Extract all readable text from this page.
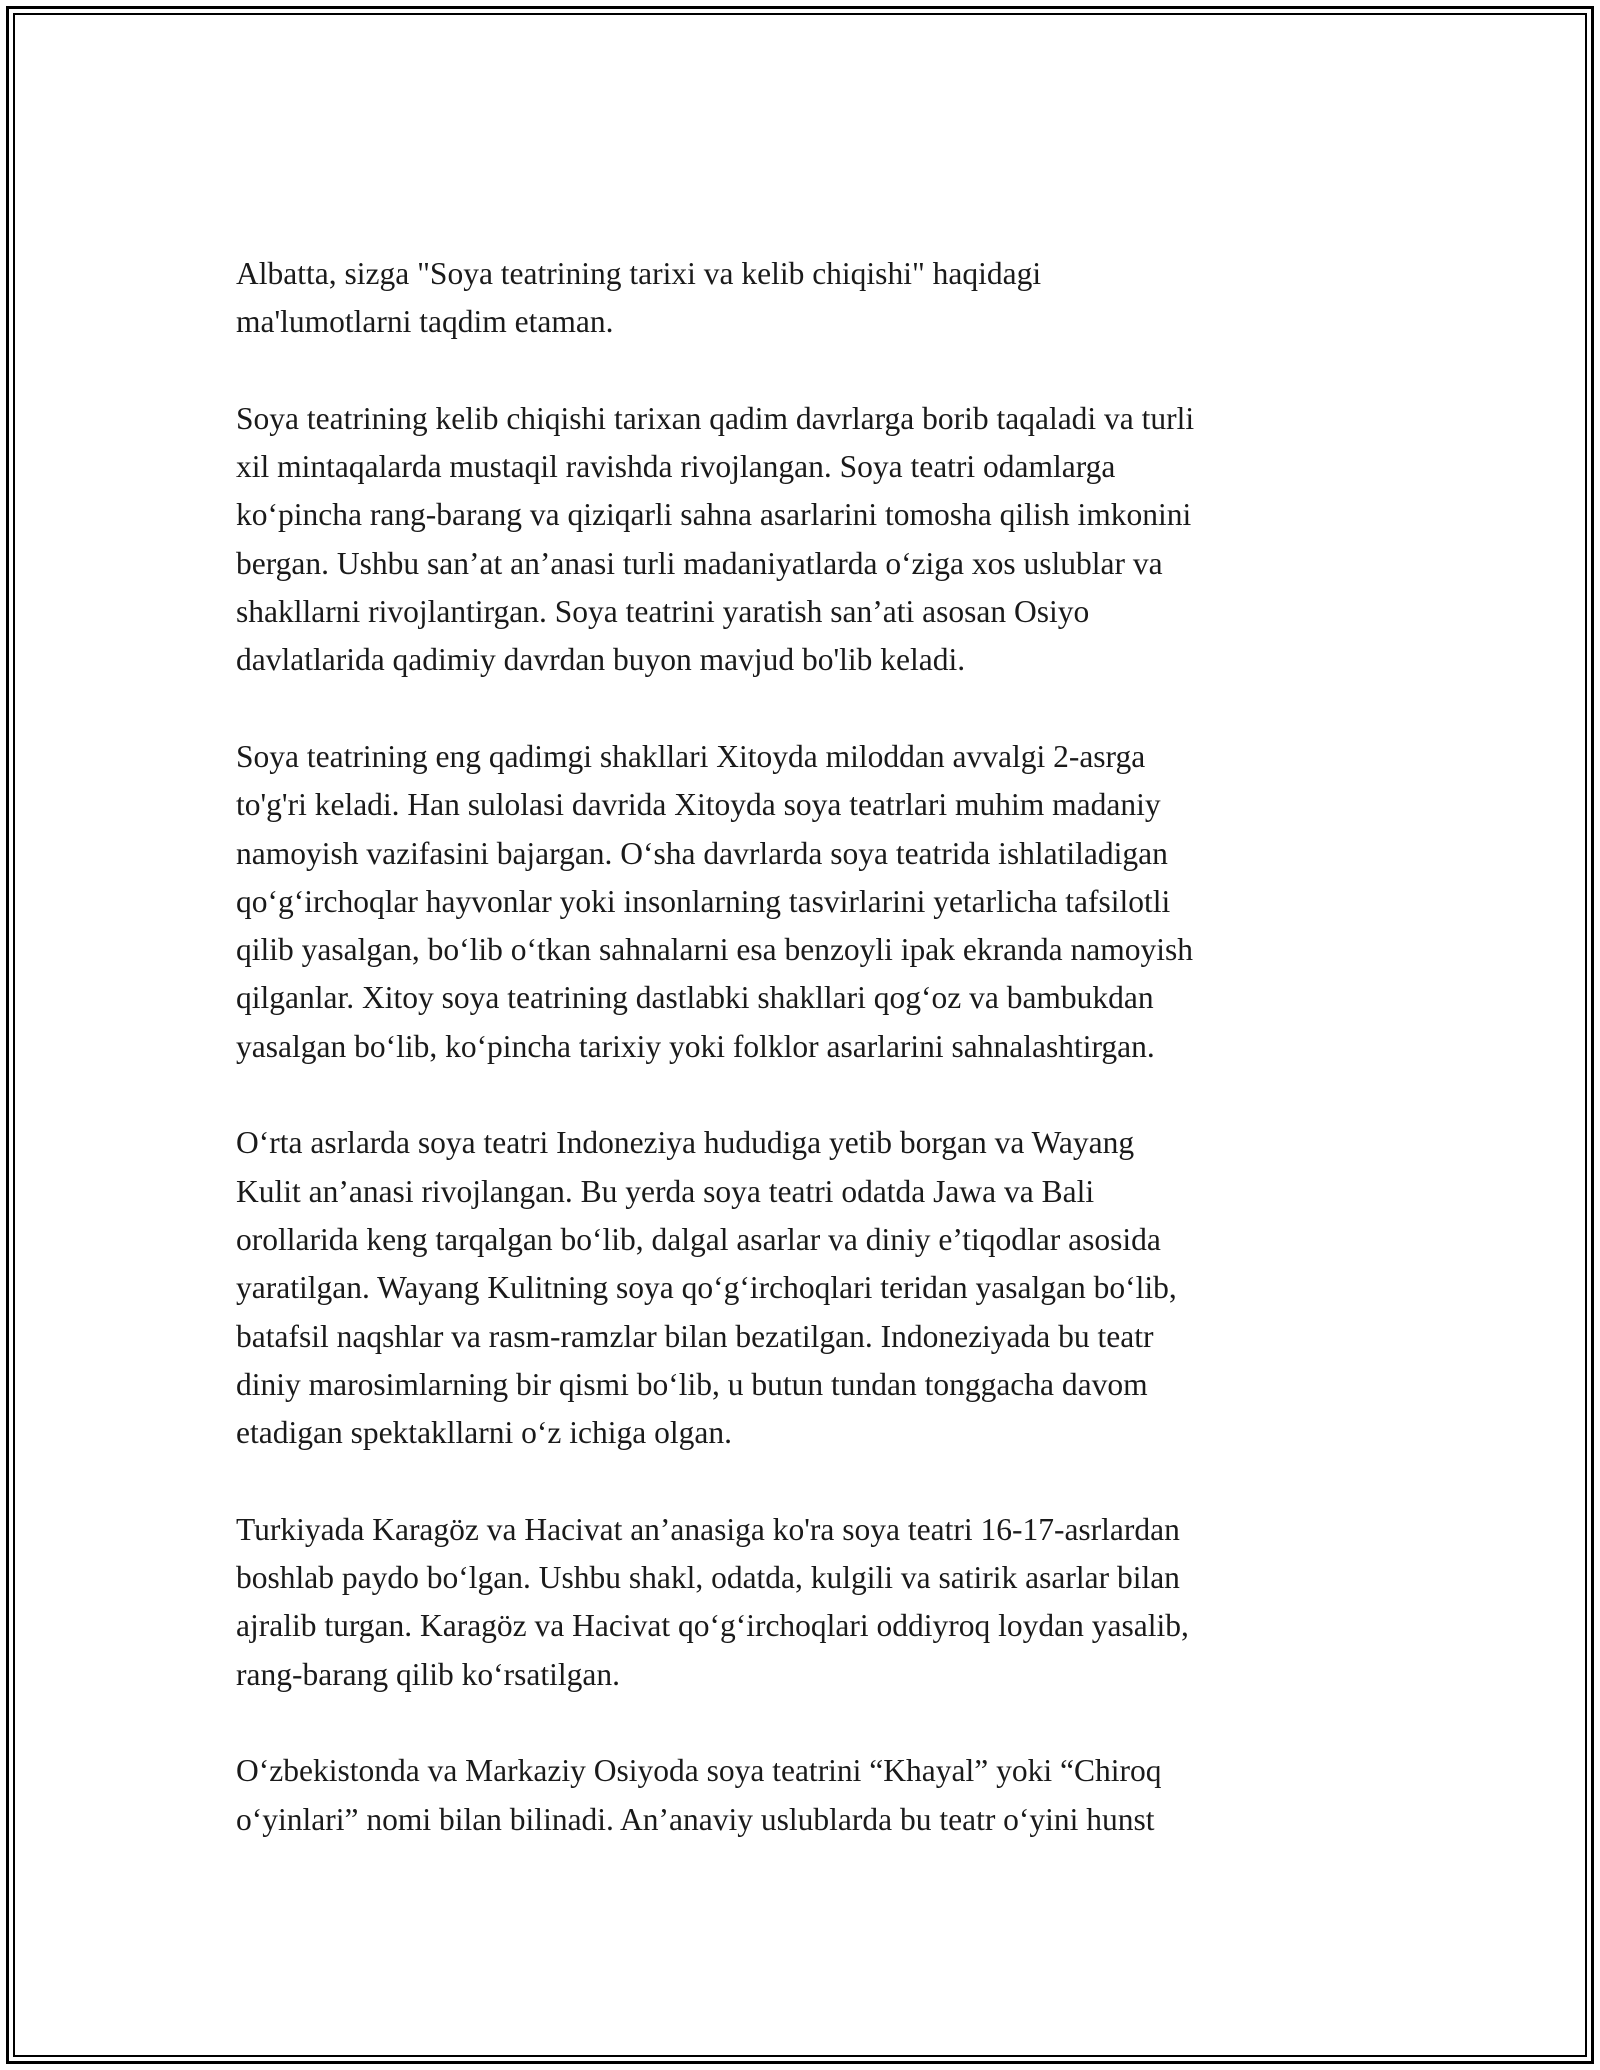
Albatta, sizga "Soya teatrining tarixi va kelib chiqishi" haqidagi
ma'lumotlarni taqdim etaman.

Soya teatrining kelib chiqishi tarixan qadim davrlarga borib taqaladi va turli
xil mintaqalarda mustaqil ravishda rivojlangan. Soya teatri odamlarga
ko‘pincha rang-barang va qiziqarli sahna asarlarini tomosha qilish imkonini
bergan. Ushbu san’at an’anasi turli madaniyatlarda o‘ziga xos uslublar va
shakllarni rivojlantirgan. Soya teatrini yaratish san’ati asosan Osiyo
davlatlarida qadimiy davrdan buyon mavjud bo'lib keladi.

Soya teatrining eng qadimgi shakllari Xitoyda miloddan avvalgi 2-asrga
to'g'ri keladi. Han sulolasi davrida Xitoyda soya teatrlari muhim madaniy
namoyish vazifasini bajargan. O‘sha davrlarda soya teatrida ishlatiladigan
qo‘g‘irchoqlar hayvonlar yoki insonlarning tasvirlarini yetarlicha tafsilotli
qilib yasalgan, bo‘lib o‘tkan sahnalarni esa benzoyli ipak ekranda namoyish
qilganlar. Xitoy soya teatrining dastlabki shakllari qog‘oz va bambukdan
yasalgan bo‘lib, ko‘pincha tarixiy yoki folklor asarlarini sahnalashtirgan.

O‘rta asrlarda soya teatri Indoneziya hududiga yetib borgan va Wayang
Kulit an’anasi rivojlangan. Bu yerda soya teatri odatda Jawa va Bali
orollarida keng tarqalgan bo‘lib, dalgal asarlar va diniy e’tiqodlar asosida
yaratilgan. Wayang Kulitning soya qo‘g‘irchoqlari teridan yasalgan bo‘lib,
batafsil naqshlar va rasm-ramzlar bilan bezatilgan. Indoneziyada bu teatr
diniy marosimlarning bir qismi bo‘lib, u butun tundan tonggacha davom
etadigan spektakllarni o‘z ichiga olgan.

Turkiyada Karagöz va Hacivat an’anasiga ko'ra soya teatri 16-17-asrlardan
boshlab paydo bo‘lgan. Ushbu shakl, odatda, kulgili va satirik asarlar bilan
ajralib turgan. Karagöz va Hacivat qo‘g‘irchoqlari oddiyroq loydan yasalib,
rang-barang qilib ko‘rsatilgan.

O‘zbekistonda va Markaziy Osiyoda soya teatrini “Khayal” yoki “Chiroq
o‘yinlari” nomi bilan bilinadi. An’anaviy uslublarda bu teatr o‘yini hunst
